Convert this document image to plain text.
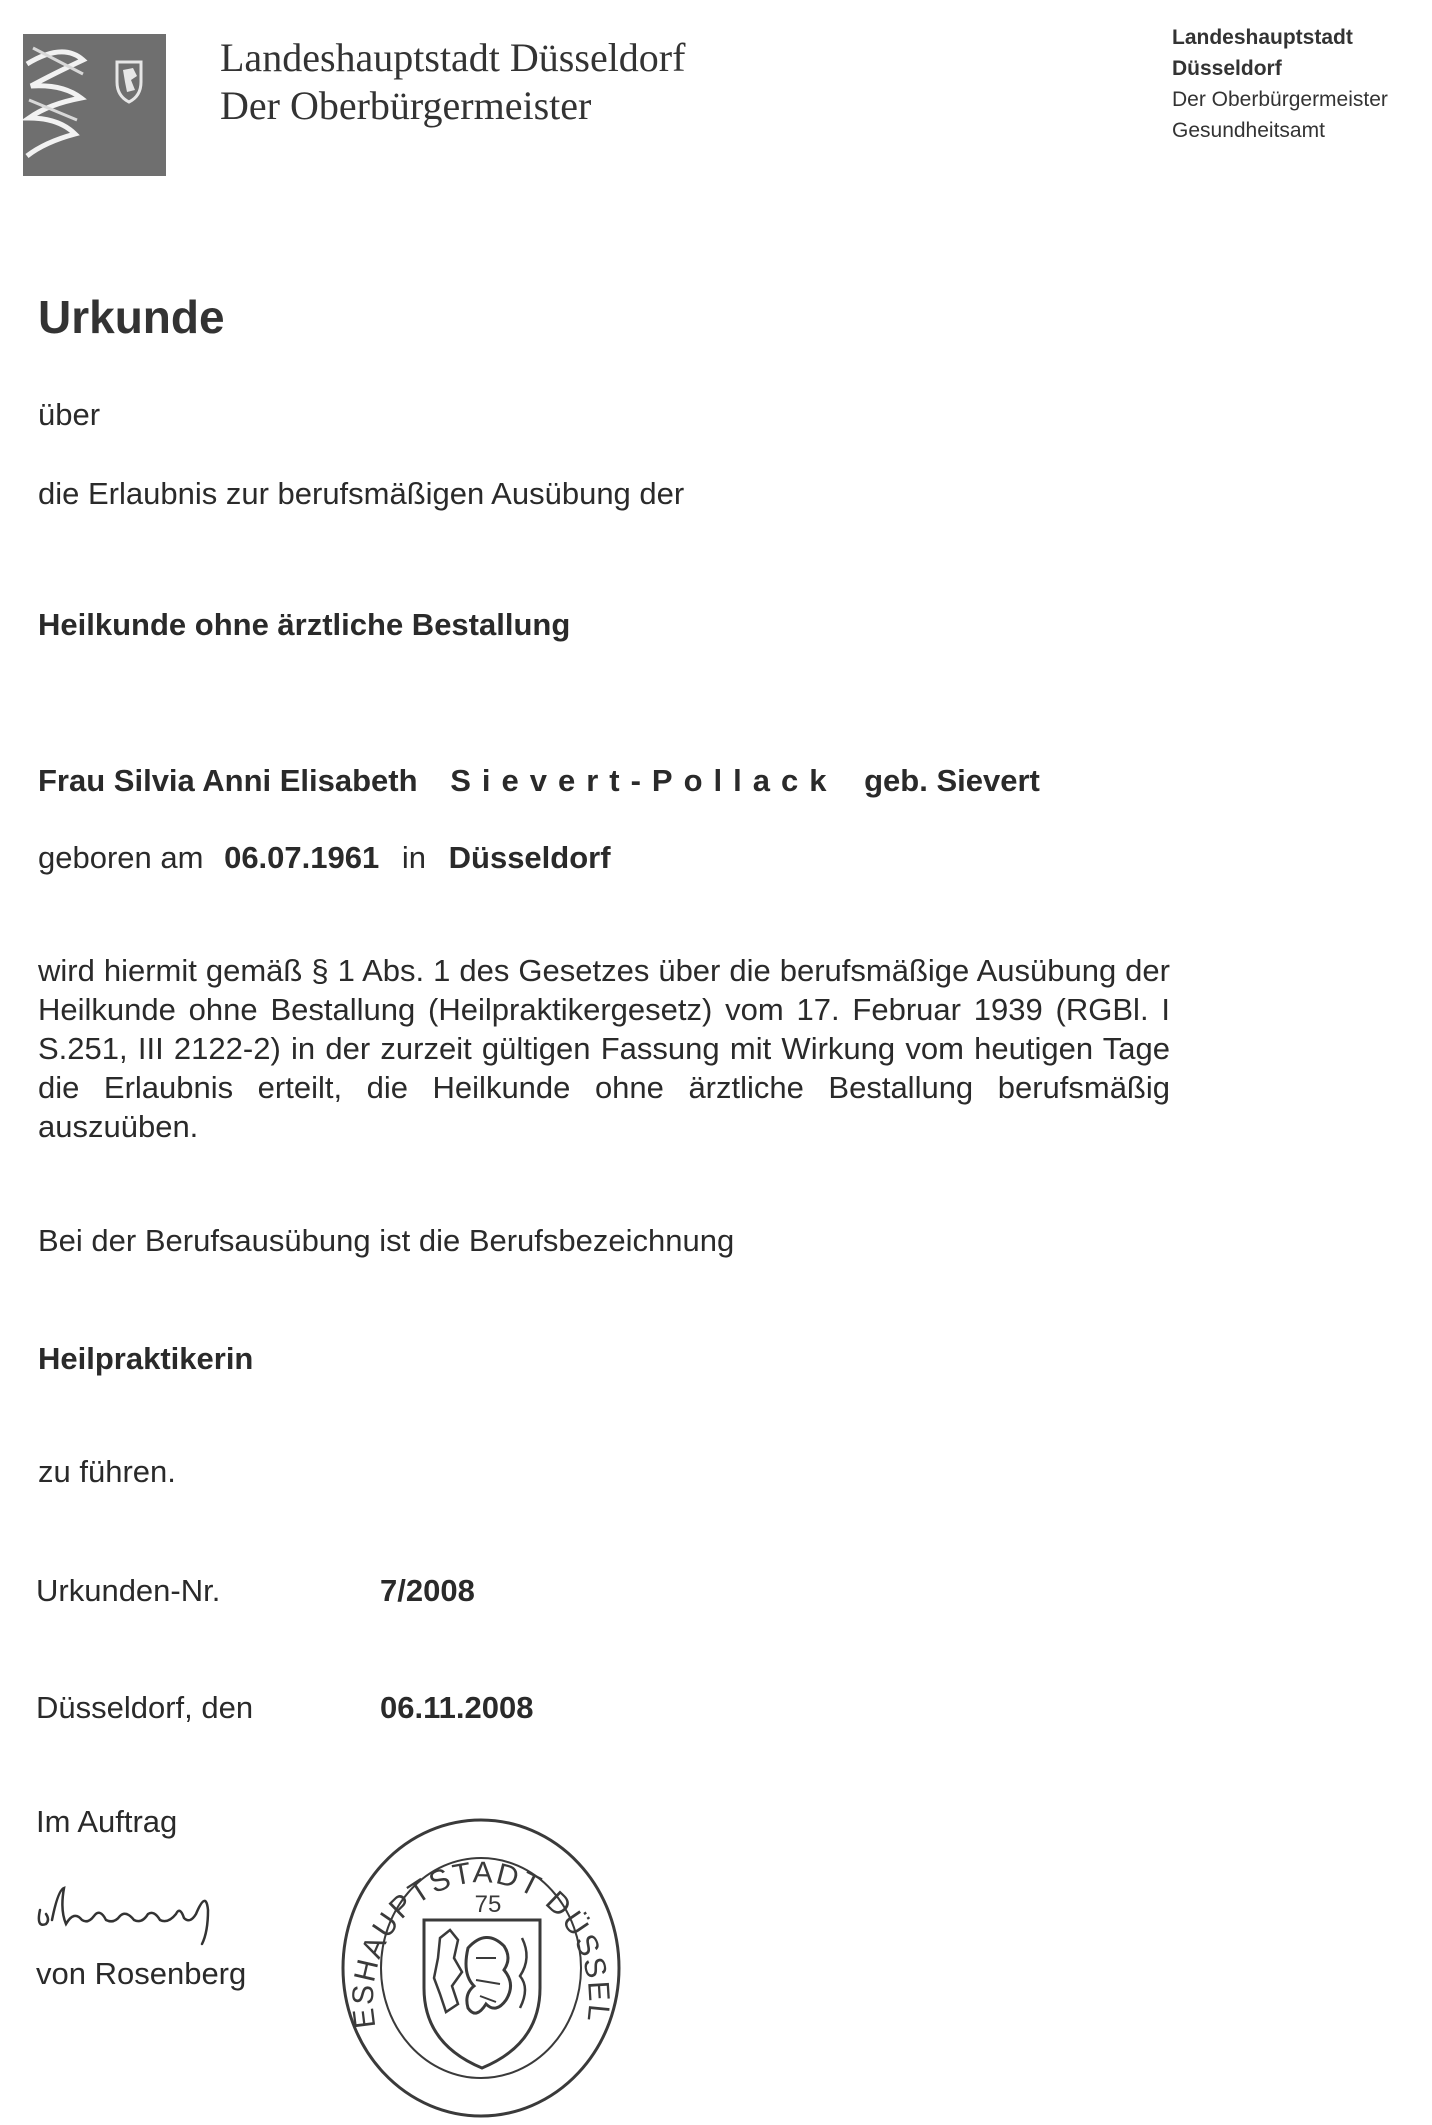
Landeshauptstadt Düsseldorf
Der Oberbürgermeister
Landeshauptstadt
Düsseldorf
Der Oberbürgermeister
Gesundheitsamt
Urkunde
über
die Erlaubnis zur berufsmäßigen Ausübung der
Heilkunde ohne ärztliche Bestallung
Frau Silvia Anni Elisabeth Sievert-Pollack geb. Sievert
geboren am 06.07.1961 in Düsseldorf
wird hiermit gemäß § 1 Abs. 1 des Gesetzes über die berufsmäßige Ausübung der Heilkunde ohne Bestallung (Heilpraktikergesetz) vom 17. Februar 1939 (RGBl. I S.251, III 2122-2) in der zurzeit gültigen Fassung mit Wirkung vom heutigen Tage die Erlaubnis erteilt, die Heilkunde ohne ärztliche Bestallung berufsmäßig auszuüben.
Bei der Berufsausübung ist die Berufsbezeichnung
Heilpraktikerin
zu führen.
Urkunden-Nr.	7/2008
Düsseldorf, den	06.11.2008
Im Auftrag
von Rosenberg
ESHAUPTSTADT DÜSSEL
75
